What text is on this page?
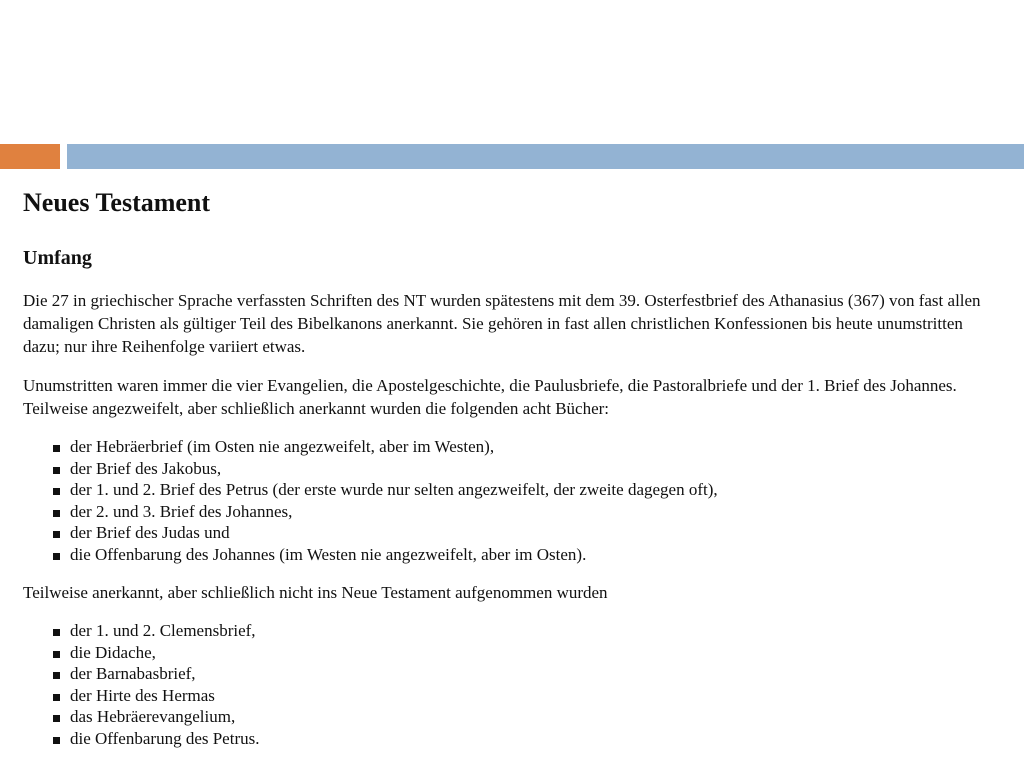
Neues Testament
Umfang

Die 27 in griechischer Sprache verfassten Schriften des NT wurden spätestens mit dem 39. Osterfestbrief des Athanasius (367) von fast allen damaligen Christen als gültiger Teil des Bibelkanons anerkannt. Sie gehören in fast allen christlichen Konfessionen bis heute unumstritten dazu; nur ihre Reihenfolge variiert etwas.

Unumstritten waren immer die vier Evangelien, die Apostelgeschichte, die Paulusbriefe, die Pastoralbriefe und der 1. Brief des Johannes. Teilweise angezweifelt, aber schließlich anerkannt wurden die folgenden acht Bücher:

der Hebräerbrief (im Osten nie angezweifelt, aber im Westen),
der Brief des Jakobus,
der 1. und 2. Brief des Petrus (der erste wurde nur selten angezweifelt, der zweite dagegen oft),
der 2. und 3. Brief des Johannes,
der Brief des Judas und
die Offenbarung des Johannes (im Westen nie angezweifelt, aber im Osten).

Teilweise anerkannt, aber schließlich nicht ins Neue Testament aufgenommen wurden

der 1. und 2. Clemensbrief,
die Didache,
der Barnabasbrief,
der Hirte des Hermas
das Hebräerevangelium,
die Offenbarung des Petrus.
